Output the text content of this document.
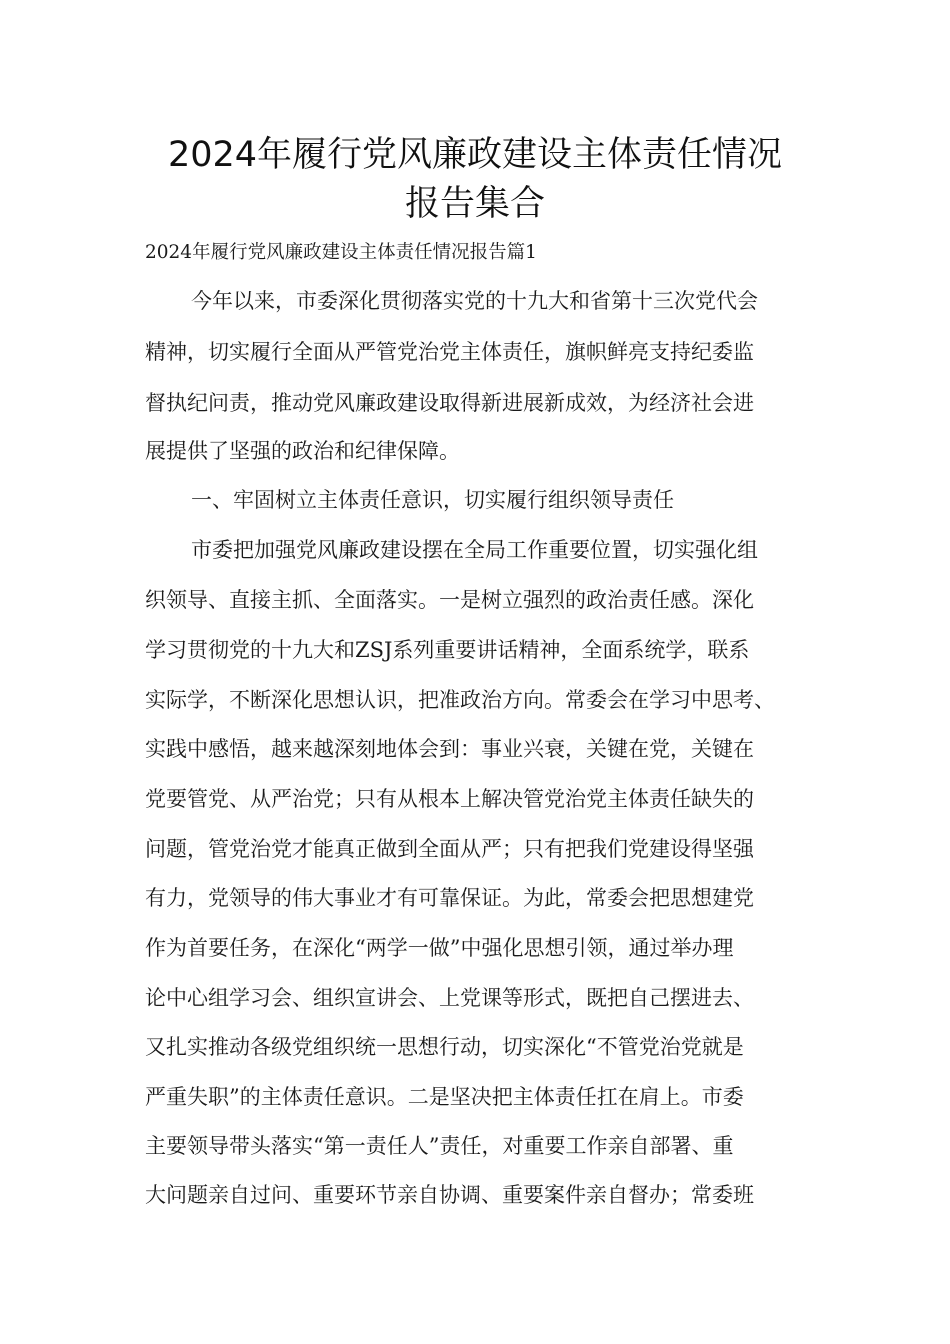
2024年履行党风廉政建设主体责任情况
报告集合

2024年履行党风廉政建设主体责任情况报告篇1

今年以来，市委深化贯彻落实党的十九大和省第十三次党代会

精神，切实履行全面从严管党治党主体责任，旗帜鲜亮支持纪委监

督执纪问责，推动党风廉政建设取得新进展新成效，为经济社会进

展提供了坚强的政治和纪律保障。

一、牢固树立主体责任意识，切实履行组织领导责任

市委把加强党风廉政建设摆在全局工作重要位置，切实强化组

织领导、直接主抓、全面落实。一是树立强烈的政治责任感。深化

学习贯彻党的十九大和ZSJ系列重要讲话精神，全面系统学，联系

实际学，不断深化思想认识，把准政治方向。常委会在学习中思考、

实践中感悟，越来越深刻地体会到：事业兴衰，关键在党，关键在

党要管党、从严治党；只有从根本上解决管党治党主体责任缺失的

问题，管党治党才能真正做到全面从严；只有把我们党建设得坚强

有力，党领导的伟大事业才有可靠保证。为此，常委会把思想建党

作为首要任务，在深化“两学一做”中强化思想引领，通过举办理

论中心组学习会、组织宣讲会、上党课等形式，既把自己摆进去、

又扎实推动各级党组织统一思想行动，切实深化“不管党治党就是

严重失职”的主体责任意识。二是坚决把主体责任扛在肩上。市委

主要领导带头落实“第一责任人”责任，对重要工作亲自部署、重

大问题亲自过问、重要环节亲自协调、重要案件亲自督办；常委班
